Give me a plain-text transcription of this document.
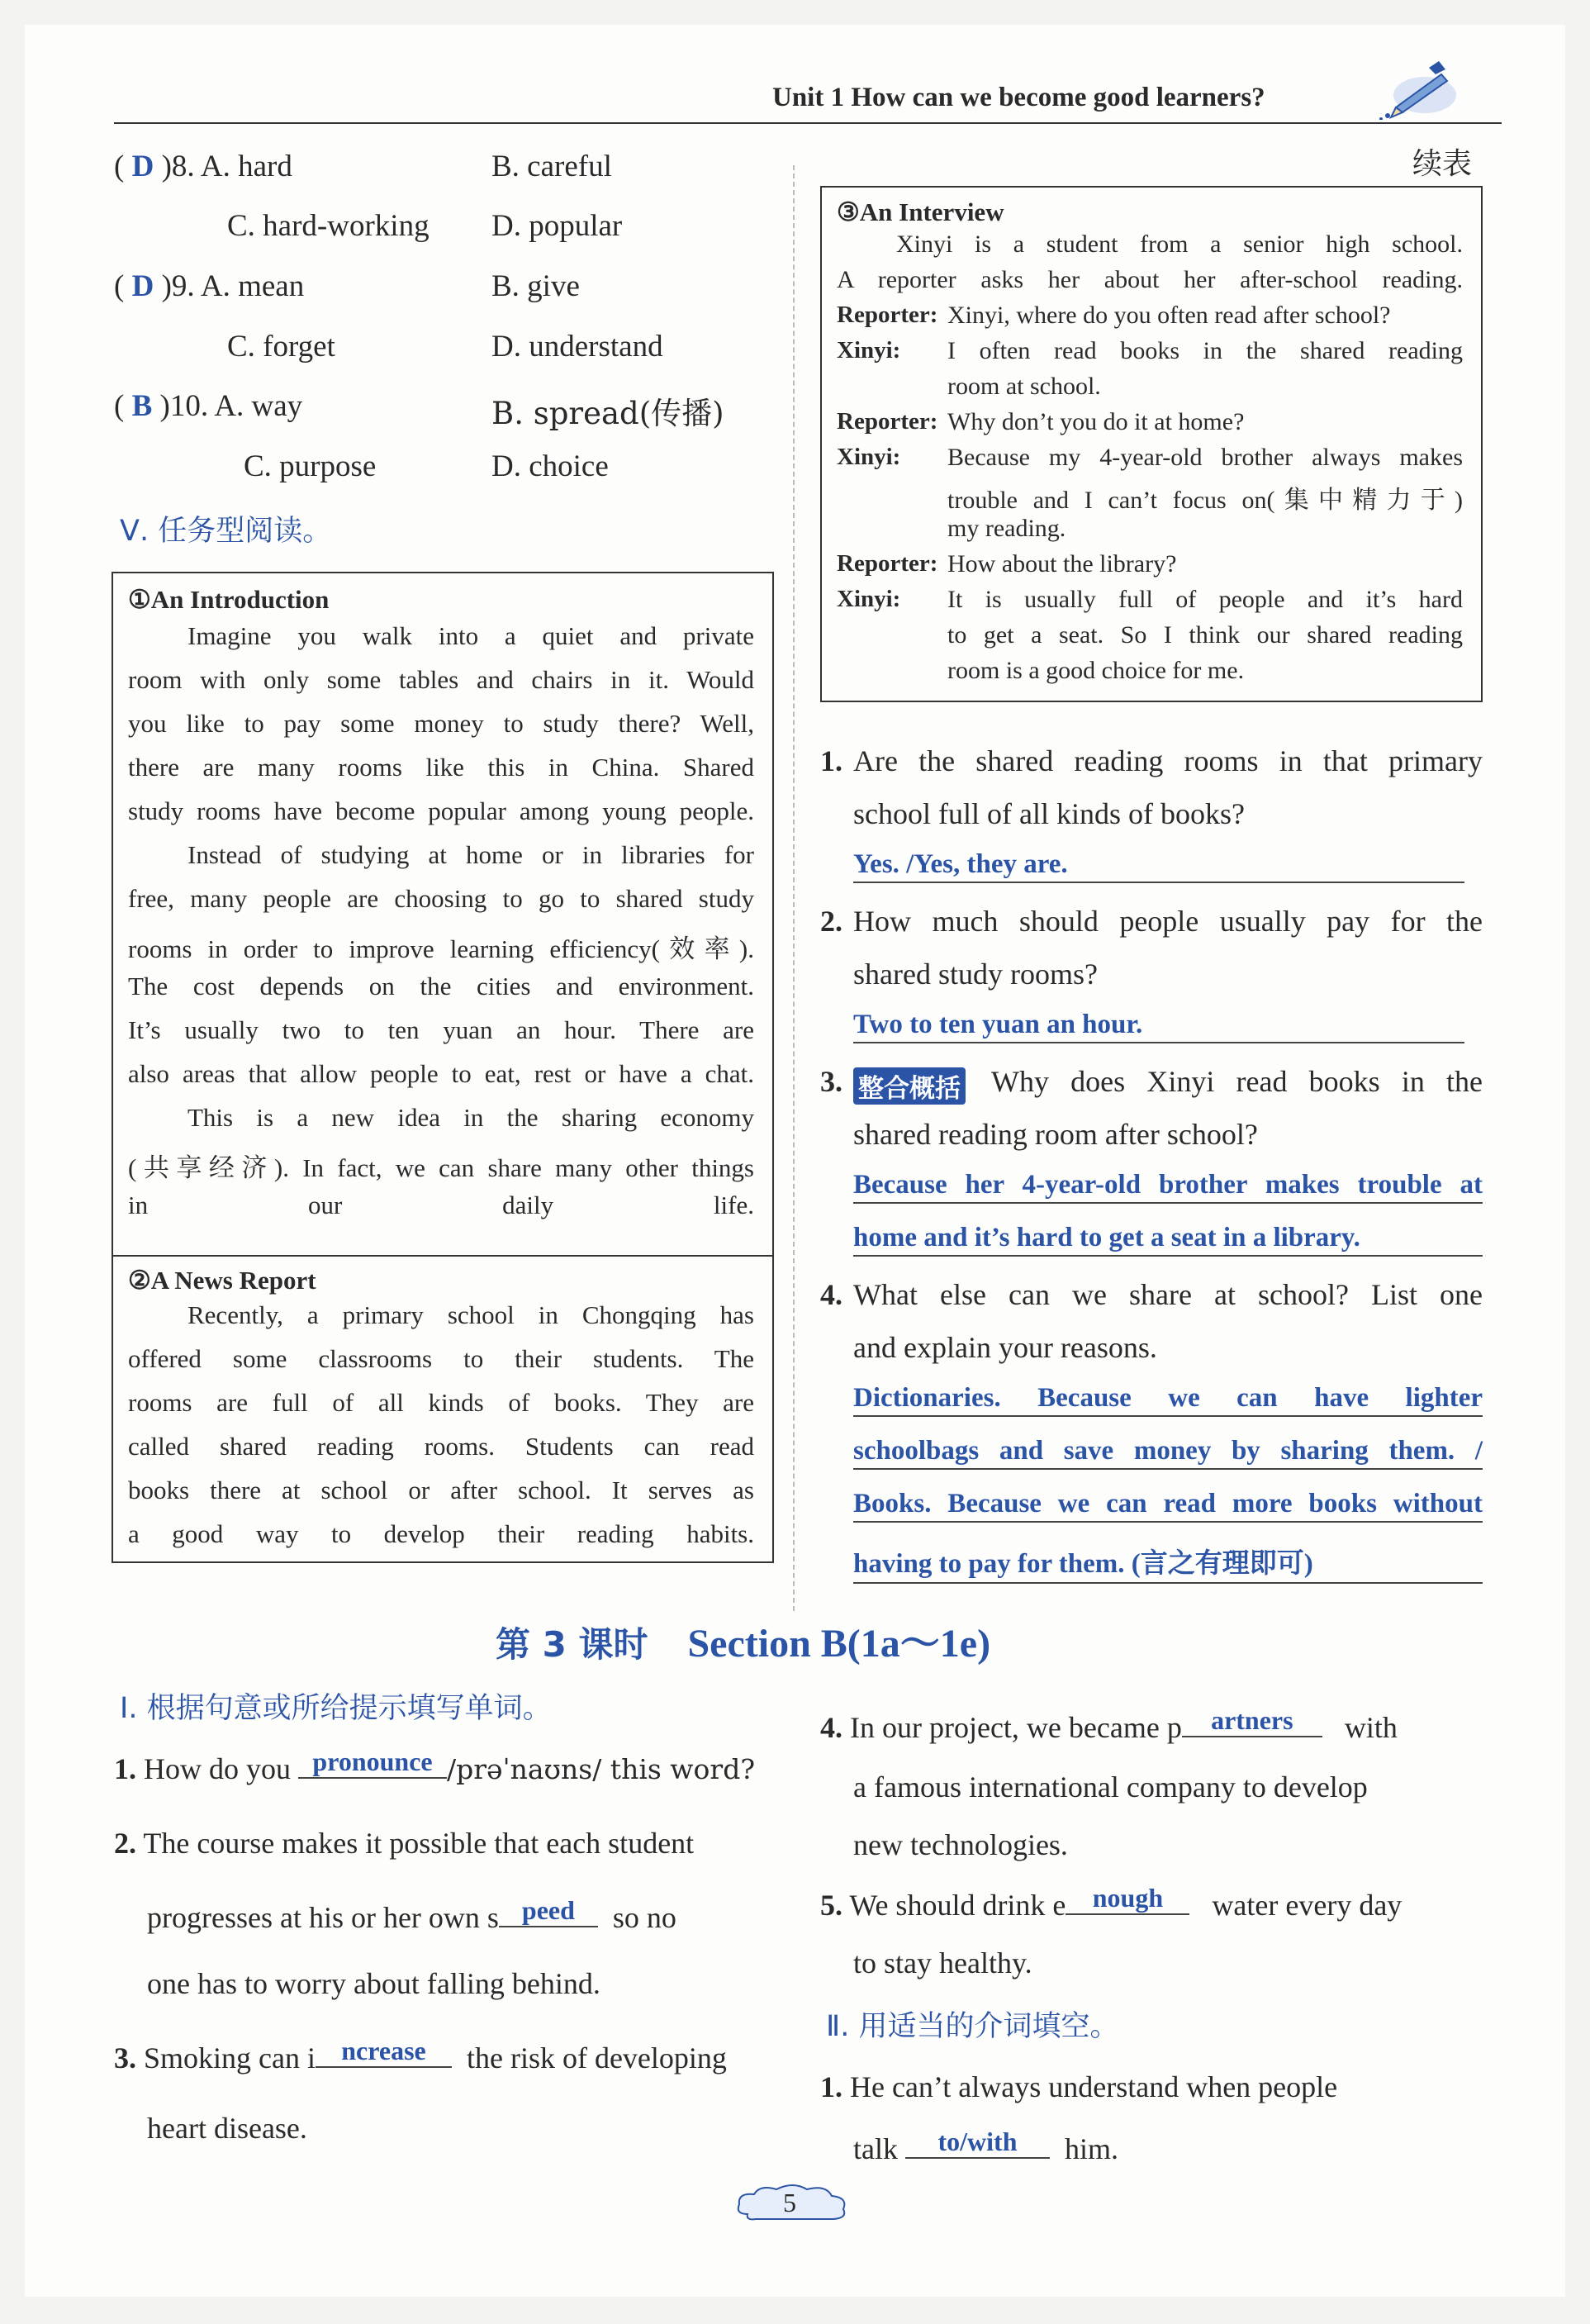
Unit 1 How can we become good learners?
续表
( D )8. A. hard	B. careful
C. hard-working D. popular
( D )9. A. mean	B. give
C. forget	D. understand
( B )10. A. way	B. spread(传播)
C. purpose	D. choice
Ⅴ. 任务型阅读。
①An Introduction
Imagine you walk into a quiet and private
room with only some tables and chairs in it. Would
you like to pay some money to study there? Well,
there are many rooms like this in China. Shared
study rooms have become popular among young people.
Instead of studying at home or in libraries for
free, many people are choosing to go to shared study
rooms in order to improve learning efficiency(效率).
The cost depends on the cities and environment.
It’s usually two to ten yuan an hour. There are
also areas that allow people to eat, rest or have a chat.
This is a new idea in the sharing economy
(共享经济). In fact, we can share many other things
in our daily life.
②A News Report
Recently, a primary school in Chongqing has
offered some classrooms to their students. The
rooms are full of all kinds of books. They are
called shared reading rooms. Students can read
books there at school or after school. It serves as
a good way to develop their reading habits.
③An Interview
Xinyi is a student from a senior high school.
A reporter asks her about her after-school reading.
Reporter: Xinyi, where do you often read after school?
Xinyi: I often read books in the shared reading
room at school.
Reporter: Why don’t you do it at home?
Xinyi: Because my 4-year-old brother always makes
trouble and I can’t focus on(集中精力于)
my reading.
Reporter: How about the library?
Xinyi: It is usually full of people and it’s hard
to get a seat. So I think our shared reading
room is a good choice for me.
1. Are the shared reading rooms in that primary
school full of all kinds of books?
Yes. /Yes, they are.
2. How much should people usually pay for the
shared study rooms?
Two to ten yuan an hour.
3. 整合概括 Why does Xinyi read books in the
shared reading room after school?
Because her 4-year-old brother makes trouble at
home and it’s hard to get a seat in a library.
4. What else can we share at school? List one
and explain your reasons.
Dictionaries. Because we can have lighter
schoolbags and save money by sharing them. /
Books. Because we can read more books without
having to pay for them. (言之有理即可)
第 3 课时 Section B(1a～1e)
Ⅰ. 根据句意或所给提示填写单词。
1. How do you pronounce /prəˈnaʊns/ this word?
2. The course makes it possible that each student
progresses at his or her own s peed so no
one has to worry about falling behind.
3. Smoking can i ncrease the risk of developing
heart disease.
4. In our project, we became p artners with
a famous international company to develop
new technologies.
5. We should drink e nough water every day
to stay healthy.
Ⅱ. 用适当的介词填空。
1. He can’t always understand when people
talk to/with him.
5
